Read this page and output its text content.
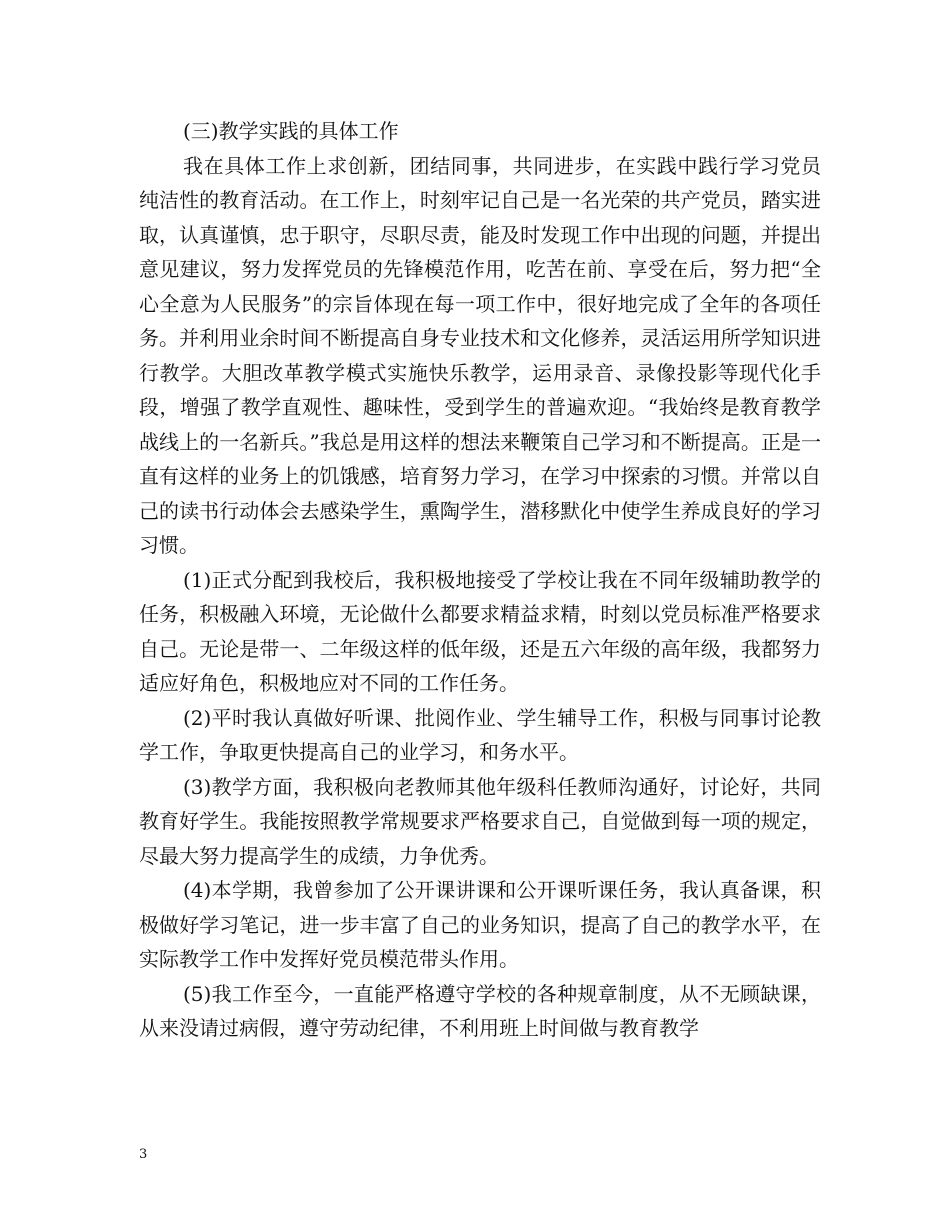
(三)教学实践的具体工作

我在具体工作上求创新，团结同事，共同进步，在实践中践行学习党员纯洁性的教育活动。在工作上，时刻牢记自己是一名光荣的共产党员，踏实进取，认真谨慎，忠于职守，尽职尽责，能及时发现工作中出现的问题，并提出意见建议，努力发挥党员的先锋模范作用，吃苦在前、享受在后，努力把“全心全意为人民服务”的宗旨体现在每一项工作中，很好地完成了全年的各项任务。并利用业余时间不断提高自身专业技术和文化修养，灵活运用所学知识进行教学。大胆改革教学模式实施快乐教学，运用录音、录像投影等现代化手段，增强了教学直观性、趣味性，受到学生的普遍欢迎。“我始终是教育教学战线上的一名新兵。”我总是用这样的想法来鞭策自己学习和不断提高。正是一直有这样的业务上的饥饿感，培育努力学习，在学习中探索的习惯。并常以自己的读书行动体会去感染学生，熏陶学生，潜移默化中使学生养成良好的学习习惯。

(1)正式分配到我校后，我积极地接受了学校让我在不同年级辅助教学的任务，积极融入环境，无论做什么都要求精益求精，时刻以党员标准严格要求自己。无论是带一、二年级这样的低年级，还是五六年级的高年级，我都努力适应好角色，积极地应对不同的工作任务。

(2)平时我认真做好听课、批阅作业、学生辅导工作，积极与同事讨论教学工作，争取更快提高自己的业学习，和务水平。

(3)教学方面，我积极向老教师其他年级科任教师沟通好，讨论好，共同教育好学生。我能按照教学常规要求严格要求自己，自觉做到每一项的规定，尽最大努力提高学生的成绩，力争优秀。

(4)本学期，我曾参加了公开课讲课和公开课听课任务，我认真备课，积极做好学习笔记，进一步丰富了自己的业务知识，提高了自己的教学水平，在实际教学工作中发挥好党员模范带头作用。

(5)我工作至今，一直能严格遵守学校的各种规章制度，从不无顾缺课，从来没请过病假，遵守劳动纪律，不利用班上时间做与教育教学

3
